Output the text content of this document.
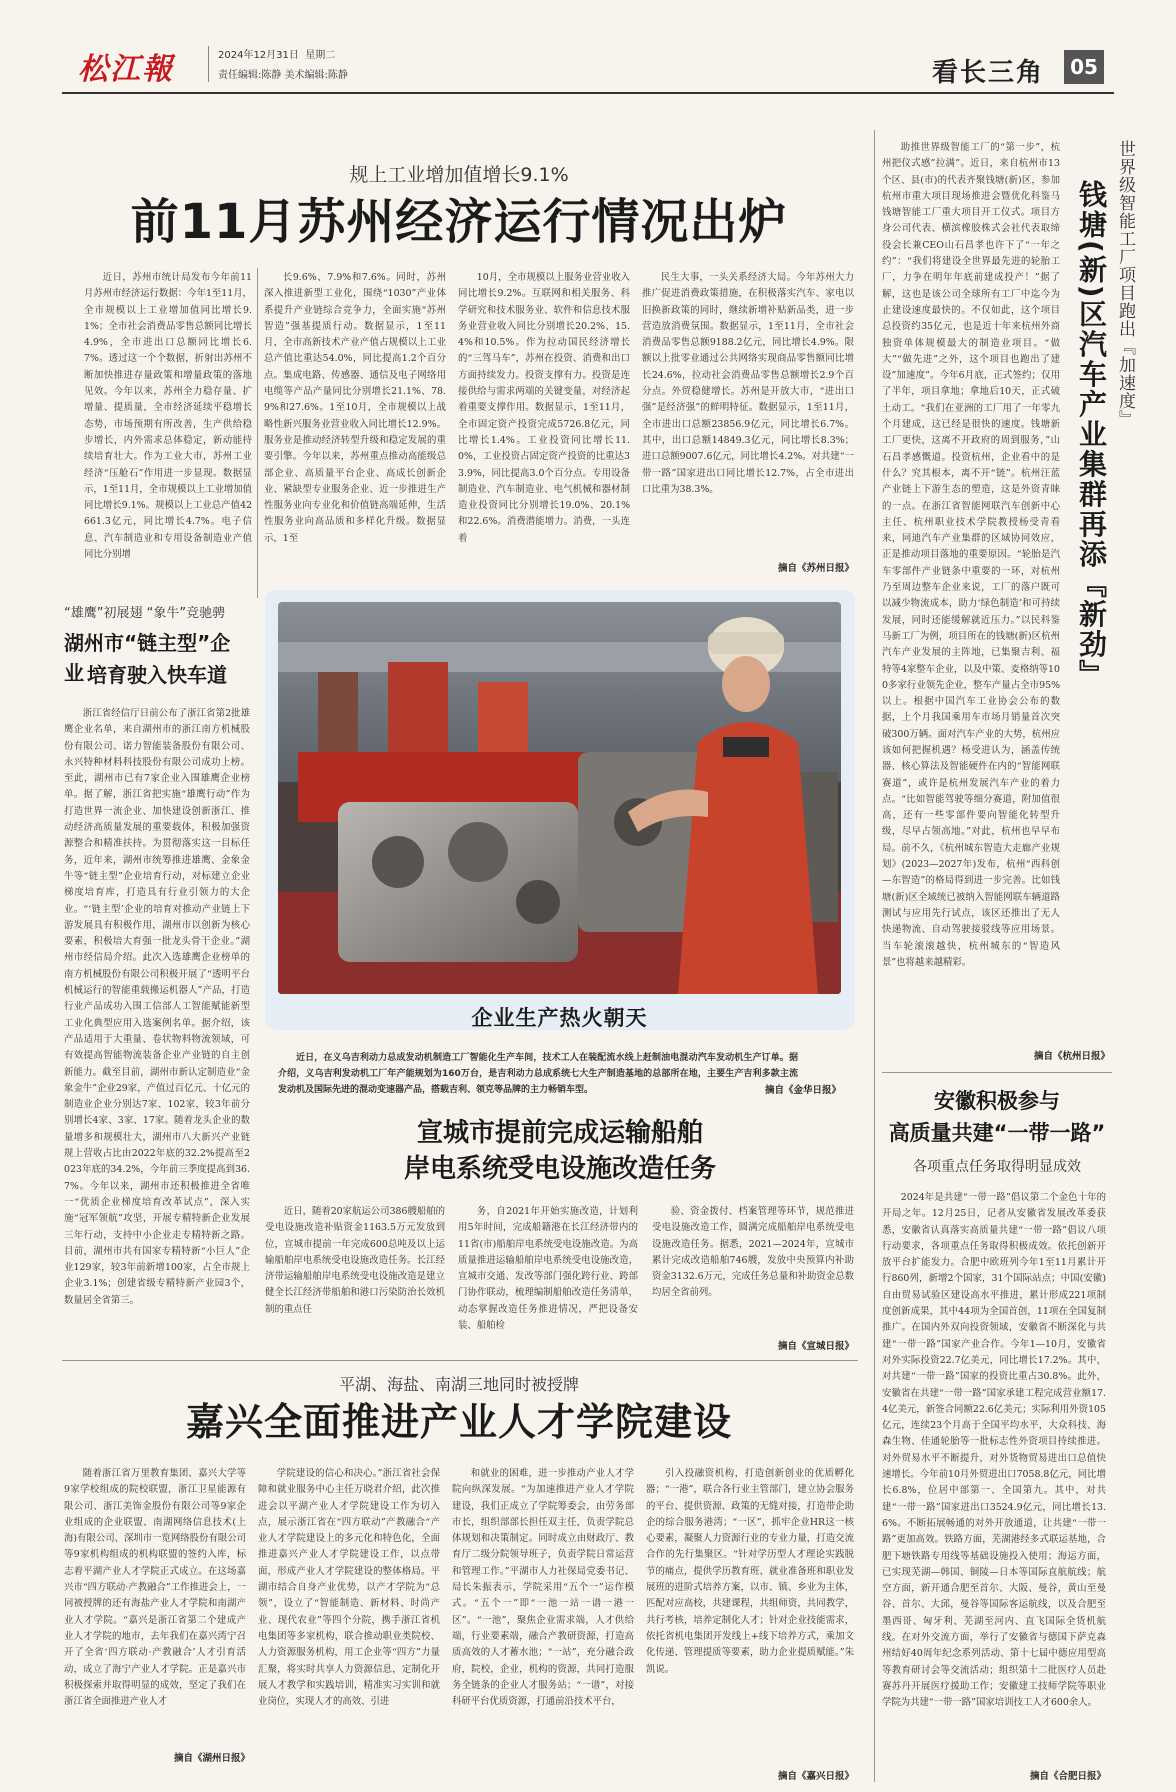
松江報	2024年12月31日 星期二
责任编辑:陈静 美术编辑:陈静	看长三角	05
规上工业增加值增长9.1%
前11月苏州经济运行情况出炉
近日，苏州市统计局发布今年前11月苏州市经济运行数据：今年1至11月，全市规模以上工业增加值同比增长9.1%；全市社会消费品零售总额同比增长4.9%，全市进出口总额同比增长6.7%。透过这一个个数据，折射出苏州不断加快推进存量政策和增量政策的落地见效。今年以来，苏州全力稳存量、扩增量、提质量，全市经济延续平稳增长态势，市场预期有所改善，生产供给稳步增长，内外需求总体稳定，新动能持续培育壮大。作为工业大市，苏州工业经济“压舱石”作用进一步显现。数据显示，1至11月，全市规模以上工业增加值同比增长9.1%。规模以上工业总产值42661.3亿元，同比增长4.7%。电子信息、汽车制造业和专用设备制造业产值同比分别增
长9.6%、7.9%和7.6%。同时，苏州深入推进新型工业化，围绕“1030”产业体系提升产业链综合竞争力，全面实施“苏州智造”强基提质行动。数据显示，1至11月，全市高新技术产业产值占规模以上工业总产值比重达54.0%，同比提高1.2个百分点。集成电路、传感器、通信及电子网络用电缆等产品产量同比分别增长21.1%、78.9%和27.6%。1至10月，全市规模以上战略性新兴服务业营业收入同比增长12.9%。服务业是推动经济转型升级和稳定发展的重要引擎。今年以来，苏州重点推动高能级总部企业、高质量平台企业、高成长创新企业、紧缺型专业服务企业、近一步推进生产性服务业向专业化和价值链高端延伸，生活性服务业向高品质和多样化升级。数据显示，1至
10月，全市规模以上服务业营业收入同比增长9.2%。互联网和相关服务、科学研究和技术服务业、软件和信息技术服务业营业收入同比分别增长20.2%、15.4%和10.5%。作为拉动国民经济增长的“三驾马车”，苏州在投资、消费和出口方面持续发力。投资支撑有力。投资是连接供给与需求两端的关键变量，对经济起着重要支撑作用。数据显示，1至11月，全市固定资产投资完成5726.8亿元，同比增长1.4%。工业投资同比增长11.0%，工业投资占固定资产投资的比重达33.9%，同比提高3.0个百分点。专用设备制造业、汽车制造业、电气机械和器材制造业投资同比分别增长19.0%、20.1%和22.6%。消费潜能增力。消费，一头连着
民生大事，一头关系经济大局。今年苏州大力推广促进消费政策措施，在积极落实汽车、家电以旧换新政策的同时，继续新增补贴新品类，进一步营造放消费氛围。数据显示，1至11月，全市社会消费品零售总额9188.2亿元，同比增长4.9%。限额以上批零业通过公共网络实现商品零售额同比增长24.6%，拉动社会消费品零售总额增长2.9个百分点。外贸稳健增长。苏州是开放大市，“进出口强”是经济强”的鲜明特征。数据显示，1至11月，全市进出口总额23856.9亿元，同比增长6.7%。其中，出口总额14849.3亿元，同比增长8.3%；进口总额9007.6亿元，同比增长4.2%。对共建“一带一路”国家进出口同比增长12.7%，占全市进出口比重为38.3%。
摘自《苏州日报》
“雄鹰”初展翅 “象牛”竞驰骋
湖州市“链主型”企业 培育驶入快车道
浙江省经信厅日前公布了浙江省第2批雄鹰企业名单，来自湖州市的浙江南方机械股份有限公司、诺力智能装备股份有限公司、永兴特种材料科技股份有限公司成功上榜。至此，湖州市已有7家企业入围雄鹰企业榜单。据了解，浙江省把实施“雄鹰行动”作为打造世界一流企业、加快建设创新浙江、推动经济高质量发展的重要载体，积极加强资源整合和精准扶持。为贯彻落实这一目标任务，近年来，湖州市统筹推进雄鹰、金象金牛等“链主型”企业培育行动，对标建立企业梯度培育库，打造具有行业引领力的大企业。“‘链主型’企业的培育对推动产业链上下游发展具有积极作用，湖州市以创新为核心要素，积极培大育强一批龙头骨干企业。”湖州市经信局介绍。此次入选雄鹰企业榜单的南方机械股份有限公司积极开展了“透明平台机械运行的智能重载搬运机器人”产品，打造行业产品成功入围工信部人工智能赋能新型工业化典型应用入选案例名单。据介绍，该产品适用于大重量、卷状物料物流领域，可有效提高智能物流装备企业产业链的自主创新能力。截至目前，湖州市新认定制造业“金象金牛”企业29家，产值过百亿元、十亿元的制造业企业分别达7家、102家，较3年前分别增长4家、3家、17家。随着龙头企业的数量增多和规模壮大，湖州市八大新兴产业链规上营收占比由2022年底的32.2%提高至2023年底的34.2%，今年前三季度提高到36.7%。今年以来，湖州市还积极推进全省唯一“优质企业梯度培育改革试点”，深入实施“冠军领航”攻坚，开展专精特新企业发展三年行动，支持中小企业走专精特新之路。目前，湖州市共有国家专精特新“小巨人”企业129家，较3年前新增100家，占全市规上企业3.1%；创建省级专精特新产业园3个，数量居全省第三。
摘自《湖州日报》
企业生产热火朝天
近日，在义乌吉利动力总成发动机制造工厂智能化生产车间，技术工人在装配流水线上赶制油电混动汽车发动机生产订单。据介绍，义乌吉利发动机工厂年产能规划为160万台，是吉利动力总成系统七大生产制造基地的总部所在地，主要生产吉利多款主流发动机及国际先进的混动变速器产品，搭载吉利、领克等品牌的主力畅销车型。	摘自《金华日报》
宣城市提前完成运输船舶
岸电系统受电设施改造任务
近日，随着20家航运公司386艘船舶的受电设施改造补贴资金1163.5万元发放到位，宣城市提前一年完成600总吨及以上运输船舶岸电系统受电设施改造任务。长江经济带运输船舶岸电系统受电设施改造是建立健全长江经济带船舶和港口污染防治长效机制的重点任
务，自2021年开始实施改造，计划利用5年时间，完成船籍港在长江经济带内的11省(市)船舶岸电系统受电设施改造。为高质量推进运输船舶岸电系统受电设施改造，宣城市交通、发改等部门强化跨行业、跨部门协作联动，梳理编制船舶改造任务清单，动态掌握改造任务推进情况，严把设备安装、船舶检
验、资金拨付、档案管理等环节，规范推进受电设施改造工作，圆满完成船舶岸电系统受电设施改造任务。据悉，2021—2024年，宣城市累计完成改造船舶746艘，发放中央预算内补助资金3132.6万元，完成任务总量和补助资金总数均居全省前列。
摘自《宣城日报》
平湖、海盐、南湖三地同时被授牌
嘉兴全面推进产业人才学院建设
随着浙江省万里教育集团、嘉兴大学等9家学校组成的院校联盟，浙江卫星能源有限公司、浙江美饰金股份有限公司等9家企业组成的企业联盟、南湖网络信息技术(上海)有限公司、深圳市一览网络股份有限公司等9家机构组成的机构联盟的签约入库，标志着平湖产业人才学院正式成立。在这场嘉兴市“四方联动·产教融合”工作推进会上，一同被授牌的还有海盐产业人才学院和南湖产业人才学院。“嘉兴是浙江省第二个建成产业人才学院的地市，去年我们在嘉兴湾宁召开了全省‘四方联动·产教融合’人才引育活动，成立了海宁产业人才学院。正是嘉兴市积极探索并取得明显的成效，坚定了我们在浙江省全面推进产业人才
学院建设的信心和决心。”浙江省社会保障和就业服务中心主任万晓君介绍，此次推进会以平湖产业人才学院建设工作为切入点，展示浙江省在“四方联动”产教融合“产业人才学院建设上的多元化和特色化，全面推进嘉兴产业人才学院建设工作，以点带面，形成产业人才学院建设的整体格局。平湖市结合自身产业优势，以产才学院为“总领”，设立了“智能制造、新材料、时尚产业、现代农业”等四个分院，携手浙江省机电集团等多家机构，联合推动职业类院校、人力资源服务机构，用工企业等“四方”力量汇聚，将实时共享人力资源信息，定制化开展人才教学和实践培训，精准实习实训和就业岗位，实现人才的高效、引进
和就业的困难，进一步推动产业人才学院向纵深发展。“为加速推进产业人才学院建设，我们正成立了学院筹委会，由劳务部市长，组织部部长担任双主任，负责学院总体规划和决策制定。同时成立由财政厅、教育厅二级分院领导班子，负责学院日常运营和管理工作。”平湖市人力社保局党委书记、局长朱振表示，学院采用“五个一”运作模式。“五个一”即“一池一站一谱一港一区”。“一池”，聚焦企业需求端，人才供给端，行业要素端，融合产教研资源，打造高质高效的人才蓄水池；“一站”，充分融合政府，院校，企业，机构的资源，共同打造服务全链条的企业人才服务站；“一谱”，对接科研平台优质资源，打通前沿技术平台，
引入投融资机构，打造创新创业的优质孵化器；“一港”，联合各行业主管部门，建立协会服务的平台、提供资源、政策的无缝对接，打造带企助企的综合服务港湾；“一区”，抓牢企业HR这一核心要素，凝聚人力资源行业的专业力量，打造交流合作的先行集聚区。“针对学历型人才理论实践脱节的痛点，提供学历教育班、就业准备班和职业发展班的进阶式培养方案，以市、镇、乡业为主体，匹配对应高校，共建课程，共组师资，共同教学，共行考核，培养定制化人才；针对企业技能需求，依托省机电集团开发线上+线下培养方式，乘加文化传递、管理提质等要素，助力企业提质赋能。”朱凯说。
摘自《嘉兴日报》
助推世界级智能工厂的“第一步”，杭州把仪式感”拉满”。近日，来自杭州市13个区、县(市)的代表齐聚钱塘(新)区，参加杭州市重大项目现场推进会暨优化科鉴马钱塘智能工厂重大项目开工仪式。项目方身公司代表、横滨橡胶株式会社代表取缔役会长兼CEO山石昌孝也许下了“一年之约”：“我们将建设全世界最先进的轮胎工厂，力争在明年年底前建成投产！”据了解，这也是该公司全球所有工厂中迄今为止建设速度最快的。不仅如此，这个项目总投资约35亿元，也是近十年来杭州外商独资单体规模最大的制造业项目。“做大”“做先进”之外，这个项目也跑出了建设”加速度”。今年6月底，正式签约；仅用了半年，项目拿地；拿地后10天，正式破土动工。“我们在亚洲的工厂用了一年零九个月建成，这已经是很快的速度。钱塘新工厂更快，这离不开政府的周到服务，”山石昌孝感慨道。投资杭州，企业看中的是什么？究其根本，离不开“链”。杭州汪蓝产业链上下游生态的塑造，这是外资青睐的一点。在浙江省智能网联汽车创新中心主任、杭州职业技术学院教授杨受青看来，同迪汽车产业集群的区域协同效应，正是推动项目落地的重要原因。“轮胎是汽车零部件产业链条中重要的一环，对杭州乃至周边整车企业来说，工厂的落户既可以减少物流成本，助力‘绿色制造’和可持续发展，同时还能缓解就近压力。”以民科鉴马新工厂为例，项目所在的钱塘(新)区杭州汽车产业发展的主阵地，已集聚吉利、福特等4家整车企业，以及中策、麦格纳等100多家行业领先企业，整车产量占全市95%以上。根据中国汽车工业协会公布的数据，上个月我国乘用车市场月销量首次突破300万辆。面对汽车产业的大势，杭州应该如何把握机遇？杨受进认为，涵盖传统器、核心算法及智能硬件在内的“智能网联赛道”，或许是杭州发展汽车产业的着力点。“比如智能驾驶等细分赛道，附加值很高，还有一些零部件要向智能化转型升级，尽早占领高地。”对此，杭州也早早布局。前不久，《杭州城东智造大走廊产业规划》(2023—2027年)发布，杭州“西科创—东智造”的格局得到进一步完善。比如钱塘(新)区全域统已被纳入智能网联车辆道路测试与应用先行试点，该区还推出了无人快递物流、自动驾驶接驳线等应用场景。当车轮滚滚越快，杭州城东的“智造风景”也将越来越精彩。
钱塘(新)区汽车产业集群再添『新劲』 世界级智能工厂项目跑出『加速度』
摘自《杭州日报》
安徽积极参与
高质量共建“一带一路”
各项重点任务取得明显成效
2024年是共建“一带一路”倡议第二个金色十年的开局之年。12月25日，记者从安徽省发展改革委获悉，安徽省认真落实高质量共建“一带一路”倡议八项行动要求，各项重点任务取得积极成效。依托创新开放平台扩能发力。合肥中欧班列今年1至11月累计开行860列，新增2个国家，31个国际站点；中国(安徽)自由贸易试验区建设高水平推进，累计形成221项制度创新成果，其中44项为全国首创，11项在全国复制推广。在国内外双向投资领域，安徽省不断深化与共建“一带一路”国家产业合作。今年1—10月，安徽省对外实际投资22.7亿美元，同比增长17.2%。其中，对共建“一带一路”国家的投资比重占30.8%。此外，安徽省在共建“一带一路”国家承建工程完成营业额17.4亿美元，新签合同额22.6亿美元；实际利用外资105亿元，连续23个月高于全国平均水平，大众科技、海森生物、佳通轮胎等一批标志性外资项目持续推进。对外贸易水平不断提升，对外货物贸易进出口总值快速增长。今年前10月外贸进出口7058.8亿元，同比增长6.8%，位居中部第一、全国第九。其中，对共建“一带一路”国家进出口3524.9亿元，同比增长13.6%。不断拓展畅通的对外开放通道，让共建“一带一路”更加高效。铁路方面，芜湖港经多式联运基地，合肥下塘铁路专用线等基础设施投入使用；海运方面，已实现芜湖—韩国、铜陵—日本等国际直航航线；航空方面，新开通合肥至首尔、大阪、曼谷，黄山至曼谷、首尔、大邱，曼谷等国际客运航线，以及合肥至墨西哥、匈牙利、芜湖至河内、直飞国际全货机航线。在对外交流方面，举行了安徽省与德国下萨克森州结好40周年纪念系列活动、第十七届中德应用型高等教育研讨会等交流活动；组织第十二批医疗人员赴赛苏丹开展医疗援助工作；安徽建工技师学院等职业学院为共建“一带一路”国家培训技工人才600余人。
摘自《合肥日报》
